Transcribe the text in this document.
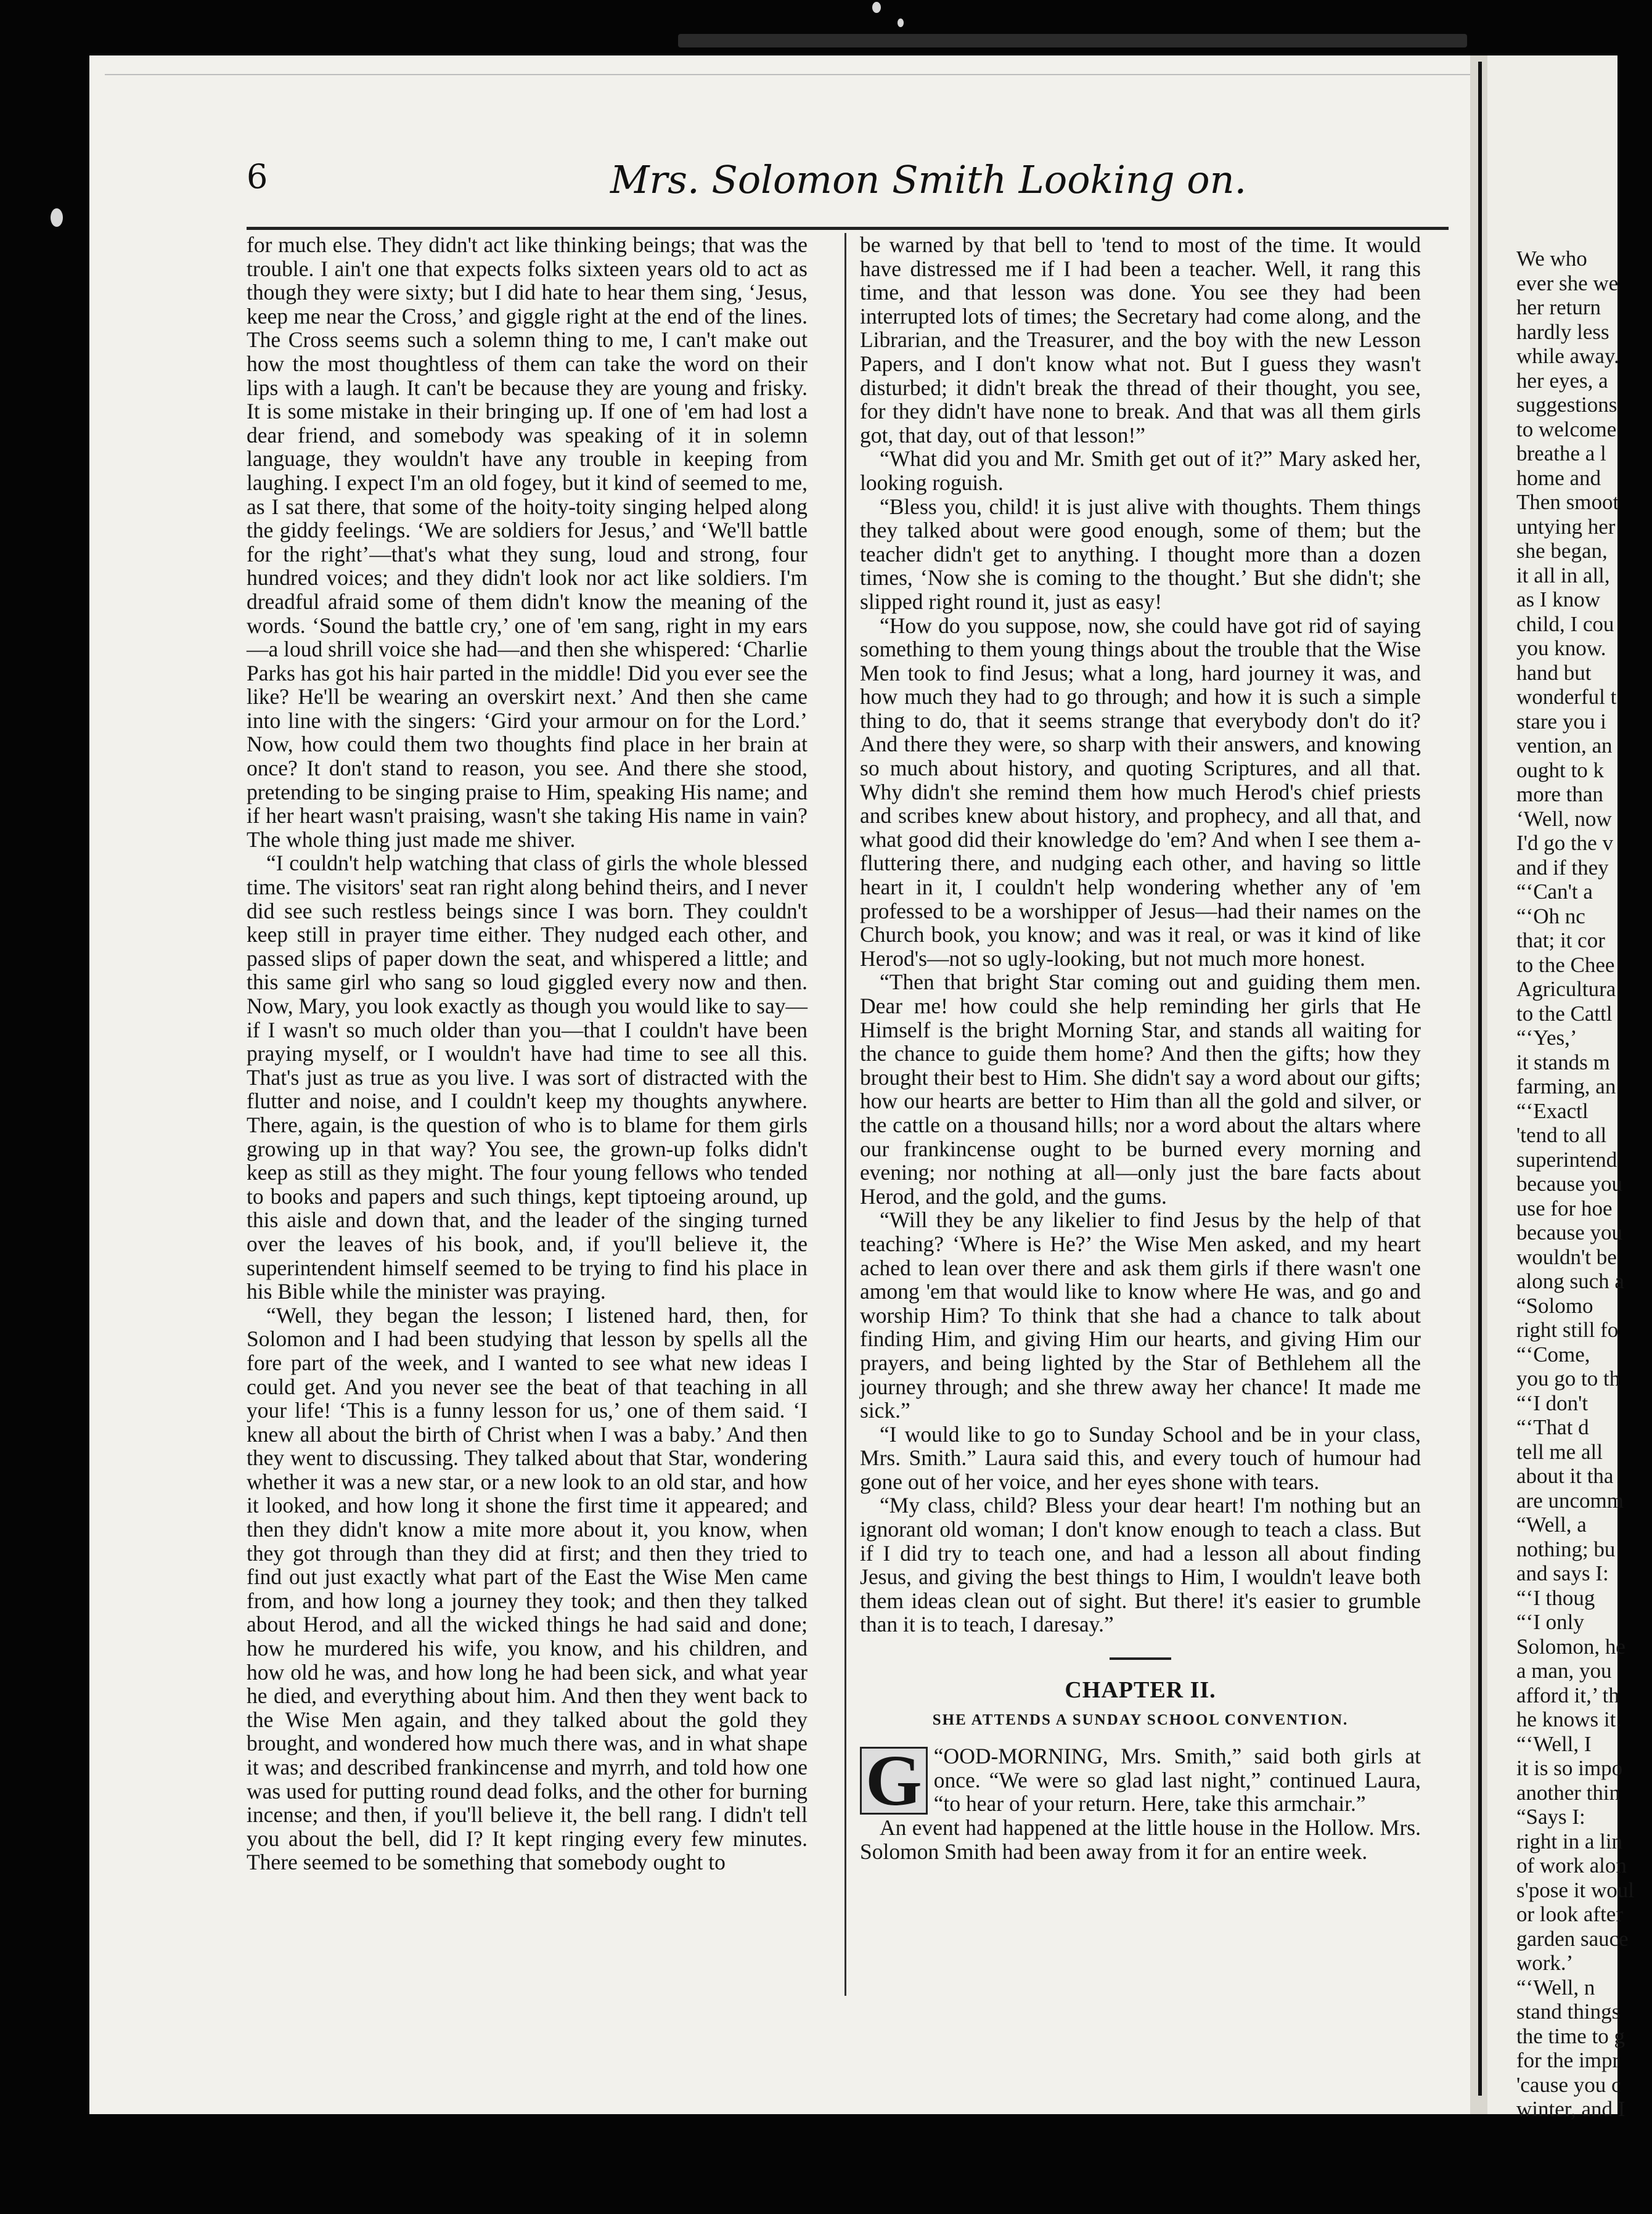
6	Mrs. Solomon Smith Looking on.

for much else. They didn't act like thinking beings; that was the trouble. I ain't one that expects folks sixteen years old to act as though they were sixty; but I did hate to hear them sing, ‘Jesus, keep me near the Cross,’ and giggle right at the end of the lines. The Cross seems such a solemn thing to me, I can't make out how the most thoughtless of them can take the word on their lips with a laugh. It can't be because they are young and frisky. It is some mistake in their bringing up. If one of 'em had lost a dear friend, and somebody was speaking of it in solemn language, they wouldn't have any trouble in keeping from laughing. I expect I'm an old fogey, but it kind of seemed to me, as I sat there, that some of the hoity-toity singing helped along the giddy feelings. ‘We are soldiers for Jesus,’ and ‘We'll battle for the right’—that's what they sung, loud and strong, four hundred voices; and they didn't look nor act like soldiers. I'm dreadful afraid some of them didn't know the meaning of the words. ‘Sound the battle cry,’ one of 'em sang, right in my ears—a loud shrill voice she had—and then she whispered: ‘Charlie Parks has got his hair parted in the middle! Did you ever see the like? He'll be wearing an overskirt next.’ And then she came into line with the singers: ‘Gird your armour on for the Lord.’ Now, how could them two thoughts find place in her brain at once? It don't stand to reason, you see. And there she stood, pretending to be singing praise to Him, speaking His name; and if her heart wasn't praising, wasn't she taking His name in vain? The whole thing just made me shiver.

“I couldn't help watching that class of girls the whole blessed time. The visitors' seat ran right along behind theirs, and I never did see such restless beings since I was born. They couldn't keep still in prayer time either. They nudged each other, and passed slips of paper down the seat, and whispered a little; and this same girl who sang so loud giggled every now and then. Now, Mary, you look exactly as though you would like to say—if I wasn't so much older than you—that I couldn't have been praying myself, or I wouldn't have had time to see all this. That's just as true as you live. I was sort of distracted with the flutter and noise, and I couldn't keep my thoughts anywhere. There, again, is the question of who is to blame for them girls growing up in that way? You see, the grown-up folks didn't keep as still as they might. The four young fellows who tended to books and papers and such things, kept tiptoeing around, up this aisle and down that, and the leader of the singing turned over the leaves of his book, and, if you'll believe it, the superintendent himself seemed to be trying to find his place in his Bible while the minister was praying.

“Well, they began the lesson; I listened hard, then, for Solomon and I had been studying that lesson by spells all the fore part of the week, and I wanted to see what new ideas I could get. And you never see the beat of that teaching in all your life! ‘This is a funny lesson for us,’ one of them said. ‘I knew all about the birth of Christ when I was a baby.’ And then they went to discussing. They talked about that Star, wondering whether it was a new star, or a new look to an old star, and how it looked, and how long it shone the first time it appeared; and then they didn't know a mite more about it, you know, when they got through than they did at first; and then they tried to find out just exactly what part of the East the Wise Men came from, and how long a journey they took; and then they talked about Herod, and all the wicked things he had said and done; how he murdered his wife, you know, and his children, and how old he was, and how long he had been sick, and what year he died, and everything about him. And then they went back to the Wise Men again, and they talked about the gold they brought, and wondered how much there was, and in what shape it was; and described frankincense and myrrh, and told how one was used for putting round dead folks, and the other for burning incense; and then, if you'll believe it, the bell rang. I didn't tell you about the bell, did I? It kept ringing every few minutes. There seemed to be something that somebody ought to

be warned by that bell to 'tend to most of the time. It would have distressed me if I had been a teacher. Well, it rang this time, and that lesson was done. You see they had been interrupted lots of times; the Secretary had come along, and the Librarian, and the Treasurer, and the boy with the new Lesson Papers, and I don't know what not. But I guess they wasn't disturbed; it didn't break the thread of their thought, you see, for they didn't have none to break. And that was all them girls got, that day, out of that lesson!”

“What did you and Mr. Smith get out of it?” Mary asked her, looking roguish.

“Bless you, child! it is just alive with thoughts. Them things they talked about were good enough, some of them; but the teacher didn't get to anything. I thought more than a dozen times, ‘Now she is coming to the thought.’ But she didn't; she slipped right round it, just as easy!

“How do you suppose, now, she could have got rid of saying something to them young things about the trouble that the Wise Men took to find Jesus; what a long, hard journey it was, and how much they had to go through; and how it is such a simple thing to do, that it seems strange that everybody don't do it? And there they were, so sharp with their answers, and knowing so much about history, and quoting Scriptures, and all that. Why didn't she remind them how much Herod's chief priests and scribes knew about history, and prophecy, and all that, and what good did their knowledge do 'em? And when I see them a-fluttering there, and nudging each other, and having so little heart in it, I couldn't help wondering whether any of 'em professed to be a worshipper of Jesus—had their names on the Church book, you know; and was it real, or was it kind of like Herod's—not so ugly-looking, but not much more honest.

“Then that bright Star coming out and guiding them men. Dear me! how could she help reminding her girls that He Himself is the bright Morning Star, and stands all waiting for the chance to guide them home? And then the gifts; how they brought their best to Him. She didn't say a word about our gifts; how our hearts are better to Him than all the gold and silver, or the cattle on a thousand hills; nor a word about the altars where our frankincense ought to be burned every morning and evening; nor nothing at all—only just the bare facts about Herod, and the gold, and the gums.

“Will they be any likelier to find Jesus by the help of that teaching? ‘Where is He?’ the Wise Men asked, and my heart ached to lean over there and ask them girls if there wasn't one among 'em that would like to know where He was, and go and worship Him? To think that she had a chance to talk about finding Him, and giving Him our hearts, and giving Him our prayers, and being lighted by the Star of Bethlehem all the journey through; and she threw away her chance! It made me sick.”

“I would like to go to Sunday School and be in your class, Mrs. Smith.” Laura said this, and every touch of humour had gone out of her voice, and her eyes shone with tears.

“My class, child? Bless your dear heart! I'm nothing but an ignorant old woman; I don't know enough to teach a class. But if I did try to teach one, and had a lesson all about finding Jesus, and giving the best things to Him, I wouldn't leave both them ideas clean out of sight. But there! it's easier to grumble than it is to teach, I daresay.”

CHAPTER II.
SHE ATTENDS A SUNDAY SCHOOL CONVENTION.

G “OOD-MORNING, Mrs. Smith,” said both girls at once. “We were so glad last night,” continued Laura, “to hear of your return. Here, take this armchair.”

An event had happened at the little house in the Hollow. Mrs. Solomon Smith had been away from it for an entire week.

We who
ever she we
her return
hardly less
while away.
her eyes, a
suggestions
to welcome
breathe a l
home and
Then smoot
untying her
she began,
it all in all,
as I know
child, I cou
you know.
hand but
wonderful t
stare you i
vention, an
ought to k
more than
‘Well, now
I'd go the v
and if they
“‘Can't a
“‘Oh nc
that; it cor
to the Chee
Agricultura
to the Cattl
“‘Yes,’
it stands m
farming, an
“‘Exactl
'tend to all
superintend
because you
use for hoe
because you
wouldn't be
along such a
“Solomo
right still fo
“‘Come,
you go to th
“‘I don't
“‘That d
tell me all
about it tha
are uncomm
“Well, a
nothing; bu
and says I:
“‘I thoug
“‘I only
Solomon, he
a man, you
afford it,’ th
he knows it.
“‘Well, I
it is so impo
another thin
“Says I:
right in a lin
of work alon
s'pose it woul
or look after
garden sauce
work.’
“‘Well, n
stand things
the time to g
for the impr
'cause you c
winter, and I
